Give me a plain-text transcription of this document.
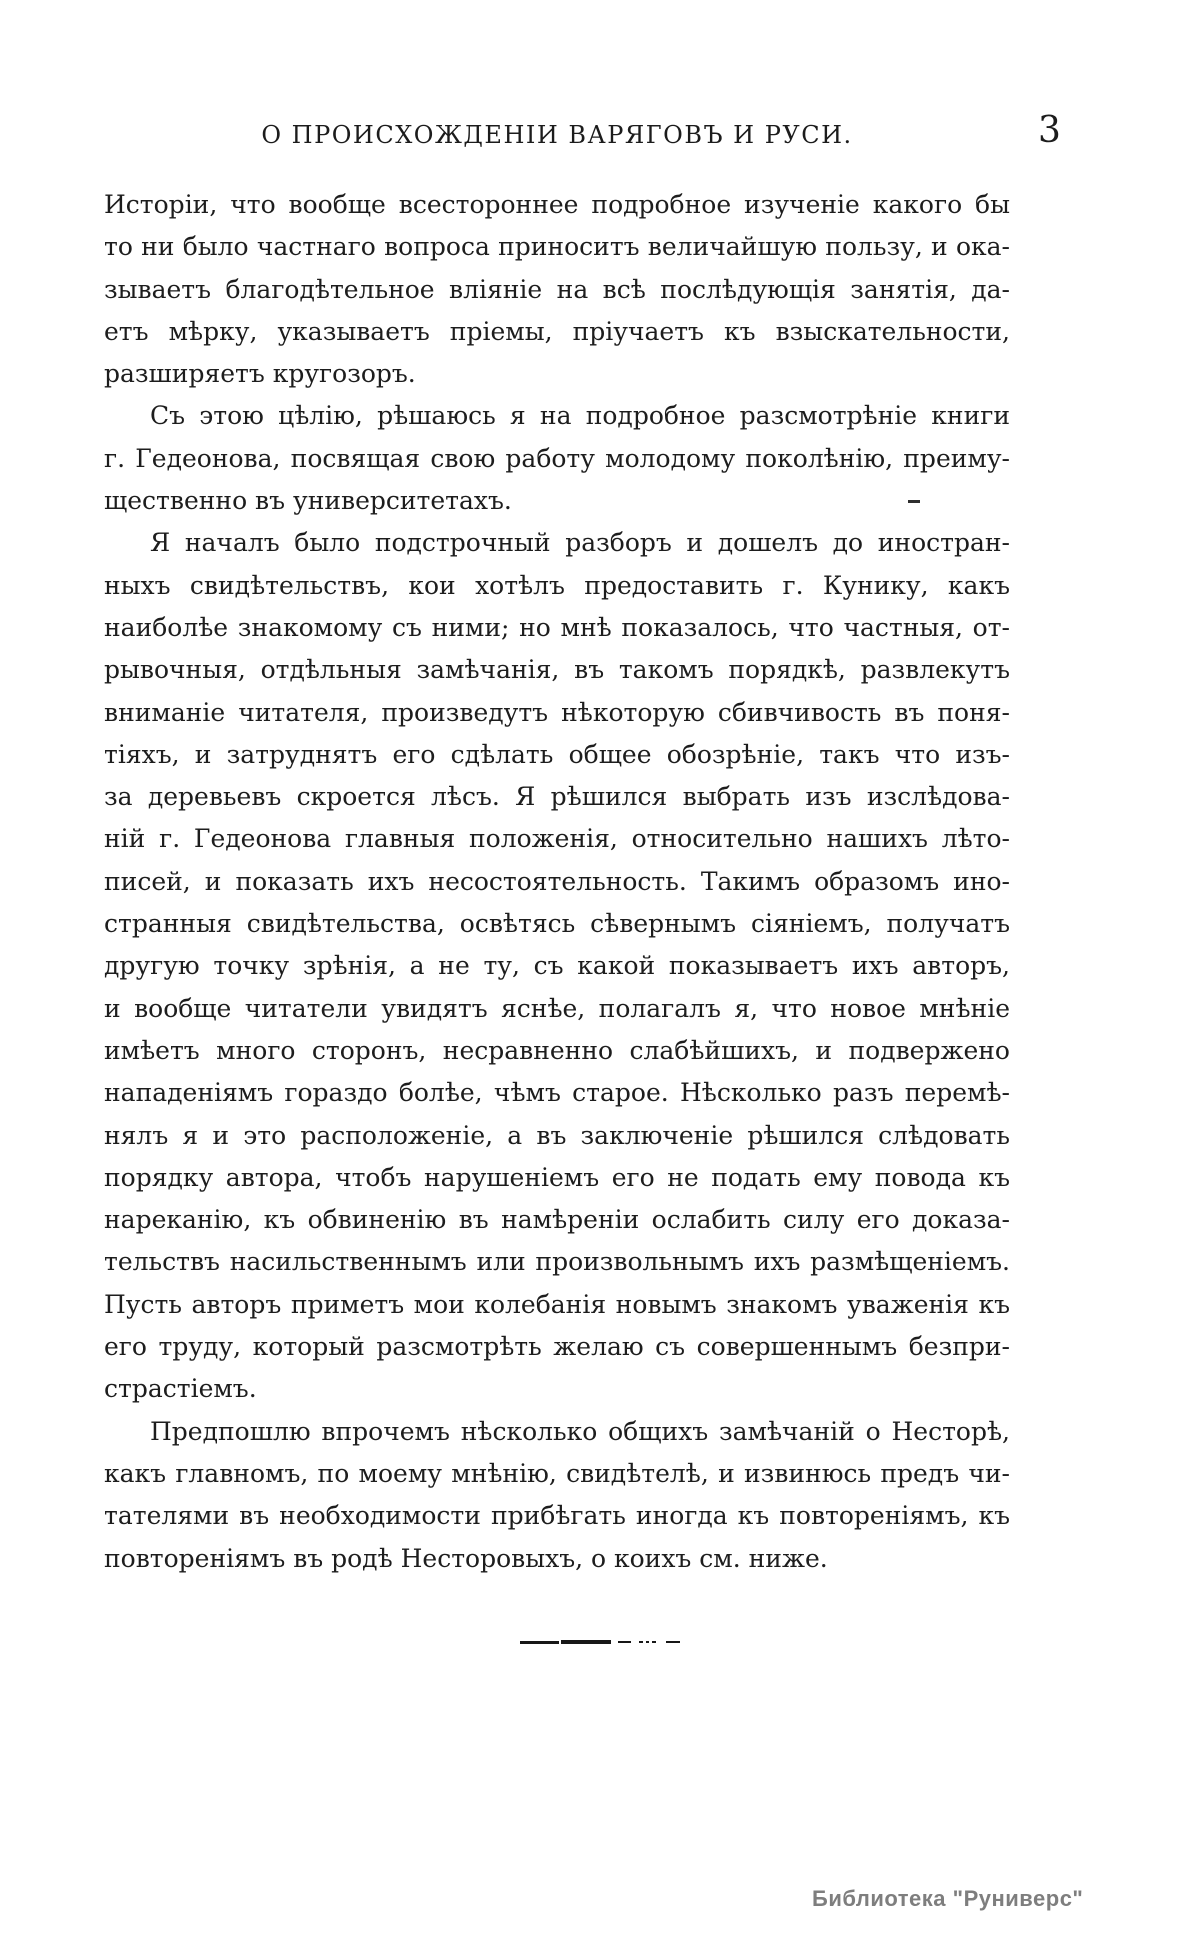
О ПРОИСХОЖДЕНІИ ВАРЯГОВЪ И РУСИ.	3
Исторіи, что вообще всестороннее подробное изученіе какого бы
то ни было частнаго вопроса приноситъ величайшую пользу, и ока-
зываетъ благодѣтельное вліяніе на всѣ послѣдующія занятія, да-
етъ мѣрку, указываетъ пріемы, пріучаетъ къ взыскательности,
разширяетъ кругозоръ.
Съ этою цѣлію, рѣшаюсь я на подробное разсмотрѣніе книги
г. Гедеонова, посвящая свою работу молодому поколѣнію, преиму-
щественно въ университетахъ.
Я началъ было подстрочный разборъ и дошелъ до иностран-
ныхъ свидѣтельствъ, кои хотѣлъ предоставить г. Кунику, какъ
наиболѣе знакомому съ ними; но мнѣ показалось, что частныя, от-
рывочныя, отдѣльныя замѣчанія, въ такомъ порядкѣ, развлекутъ
вниманіе читателя, произведутъ нѣкоторую сбивчивость въ поня-
тіяхъ, и затруднятъ его сдѣлать общее обозрѣніе, такъ что изъ-
за деревьевъ скроется лѣсъ. Я рѣшился выбрать изъ изслѣдова-
ній г. Гедеонова главныя положенія, относительно нашихъ лѣто-
писей, и показать ихъ несостоятельность. Такимъ образомъ ино-
странныя свидѣтельства, освѣтясь сѣвернымъ сіяніемъ, получатъ
другую точку зрѣнія, а не ту, съ какой показываетъ ихъ авторъ,
и вообще читатели увидятъ яснѣе, полагалъ я, что новое мнѣніе
имѣетъ много сторонъ, несравненно слабѣйшихъ, и подвержено
нападеніямъ гораздо болѣе, чѣмъ старое. Нѣсколько разъ перемѣ-
нялъ я и это расположеніе, а въ заключеніе рѣшился слѣдовать
порядку автора, чтобъ нарушеніемъ его не подать ему повода къ
нареканію, къ обвиненію въ намѣреніи ослабить силу его доказа-
тельствъ насильственнымъ или произвольнымъ ихъ размѣщеніемъ.
Пусть авторъ приметъ мои колебанія новымъ знакомъ уваженія къ
его труду, который разсмотрѣть желаю съ совершеннымъ безпри-
страстіемъ.
Предпошлю впрочемъ нѣсколько общихъ замѣчаній о Несторѣ,
какъ главномъ, по моему мнѣнію, свидѣтелѣ, и извинюсь предъ чи-
тателями въ необходимости прибѣгать иногда къ повтореніямъ, къ
повтореніямъ въ родѣ Несторовыхъ, о коихъ см. ниже.
Библиотека "Руниверс"
